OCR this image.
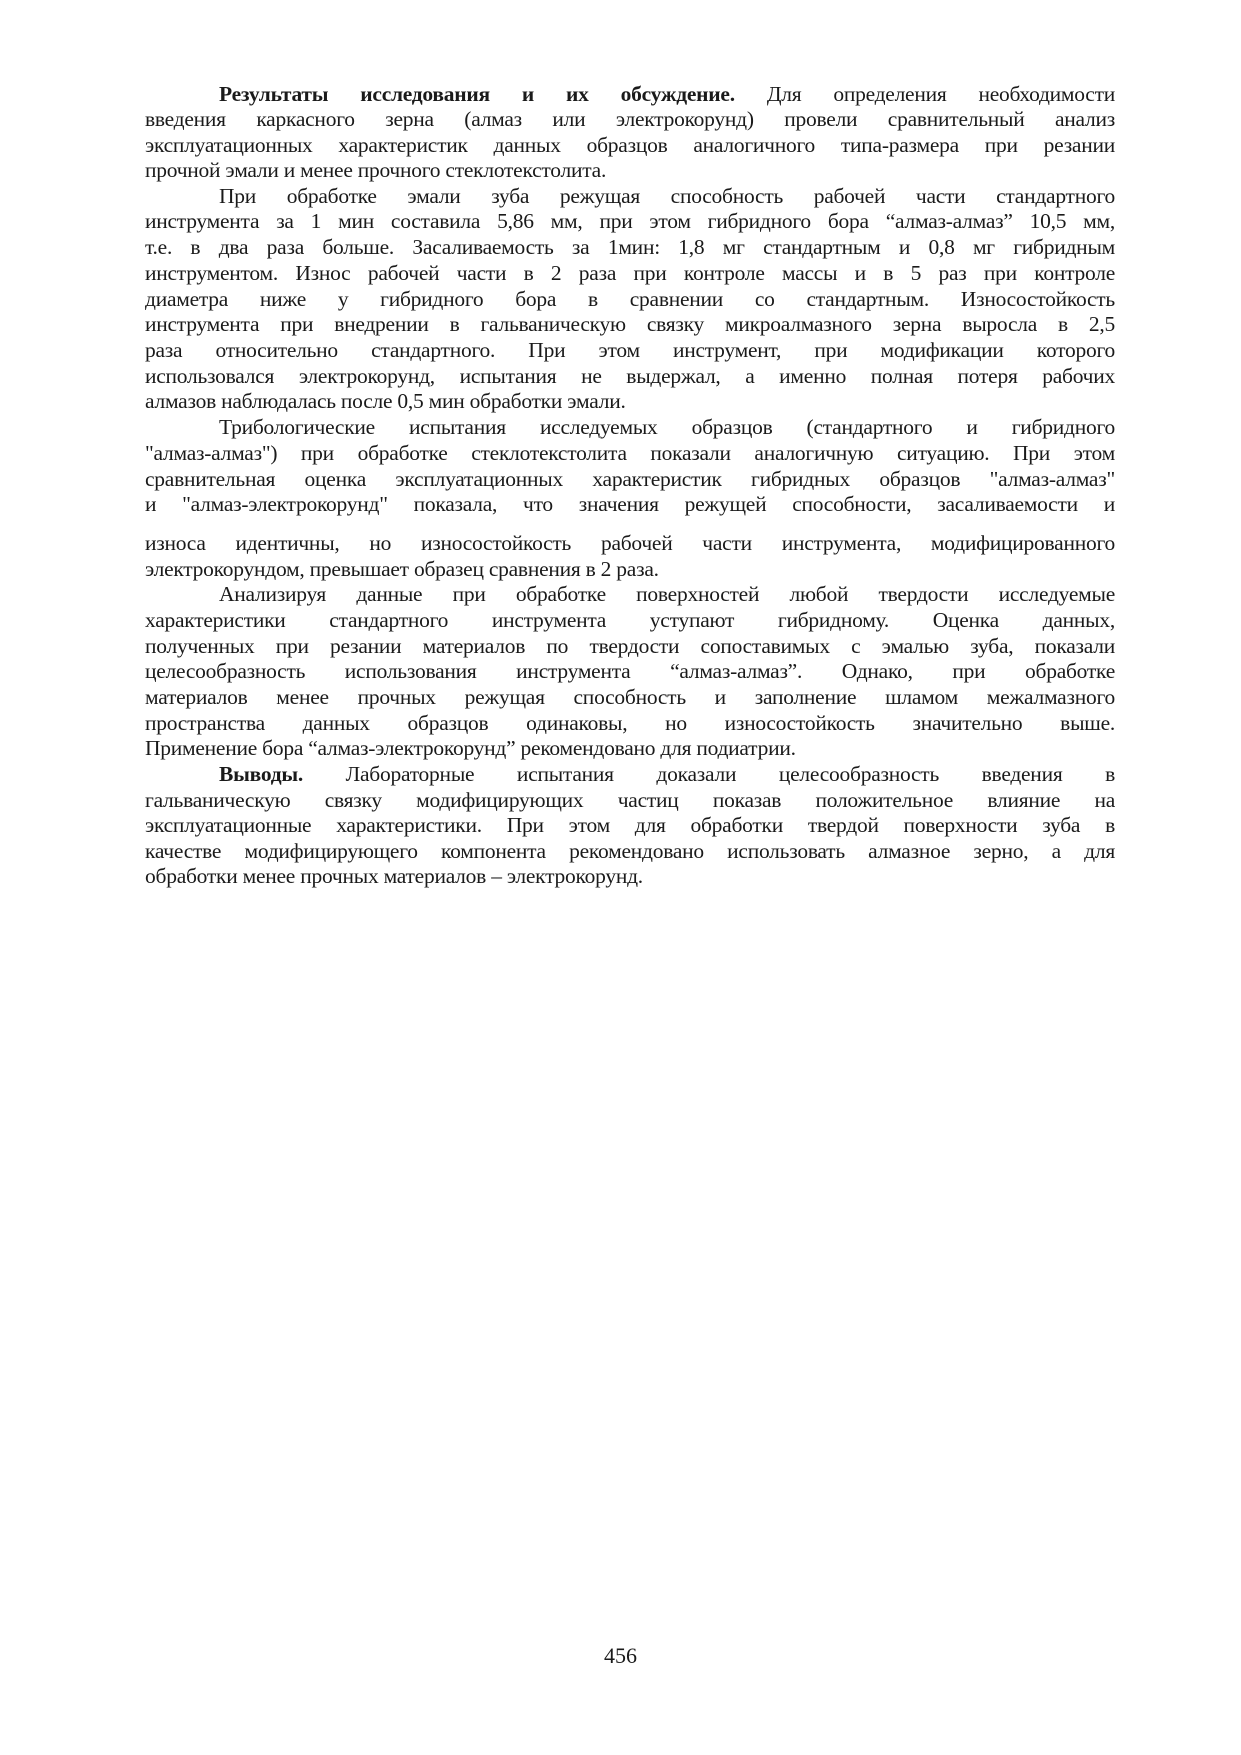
Результаты исследования и их обсуждение. Для определения необходимости
введения каркасного зерна (алмаз или электрокорунд) провели сравнительный анализ
эксплуатационных характеристик данных образцов аналогичного типа-размера при резании
прочной эмали и менее прочного стеклотекстолита.
При обработке эмали зуба режущая способность рабочей части стандартного
инструмента за 1 мин составила 5,86 мм, при этом гибридного бора “алмаз-алмаз” 10,5 мм,
т.е. в два раза больше. Засаливаемость за 1мин: 1,8 мг стандартным и 0,8 мг гибридным
инструментом. Износ рабочей части в 2 раза при контроле массы и в 5 раз при контроле
диаметра ниже у гибридного бора в сравнении со стандартным. Износостойкость
инструмента при внедрении в гальваническую связку микроалмазного зерна выросла в 2,5
раза относительно стандартного. При этом инструмент, при модификации которого
использовался электрокорунд, испытания не выдержал, а именно полная потеря рабочих
алмазов наблюдалась после 0,5 мин обработки эмали.
Трибологические испытания исследуемых образцов (стандартного и гибридного
"алмаз-алмаз") при обработке стеклотекстолита показали аналогичную ситуацию. При этом
сравнительная оценка эксплуатационных характеристик гибридных образцов "алмаз-алмаз"
и "алмаз-электрокорунд" показала, что значения режущей способности, засаливаемости и
износа идентичны, но износостойкость рабочей части инструмента, модифицированного
электрокорундом, превышает образец сравнения в 2 раза.
Анализируя данные при обработке поверхностей любой твердости исследуемые
характеристики стандартного инструмента уступают гибридному. Оценка данных,
полученных при резании материалов по твердости сопоставимых с эмалью зуба, показали
целесообразность использования инструмента “алмаз-алмаз”. Однако, при обработке
материалов менее прочных режущая способность и заполнение шламом межалмазного
пространства данных образцов одинаковы, но износостойкость значительно выше.
Применение бора “алмаз-электрокорунд” рекомендовано для подиатрии.
Выводы. Лабораторные испытания доказали целесообразность введения в
гальваническую связку модифицирующих частиц показав положительное влияние на
эксплуатационные характеристики. При этом для обработки твердой поверхности зуба в
качестве модифицирующего компонента рекомендовано использовать алмазное зерно, а для
обработки менее прочных материалов – электрокорунд.
456
